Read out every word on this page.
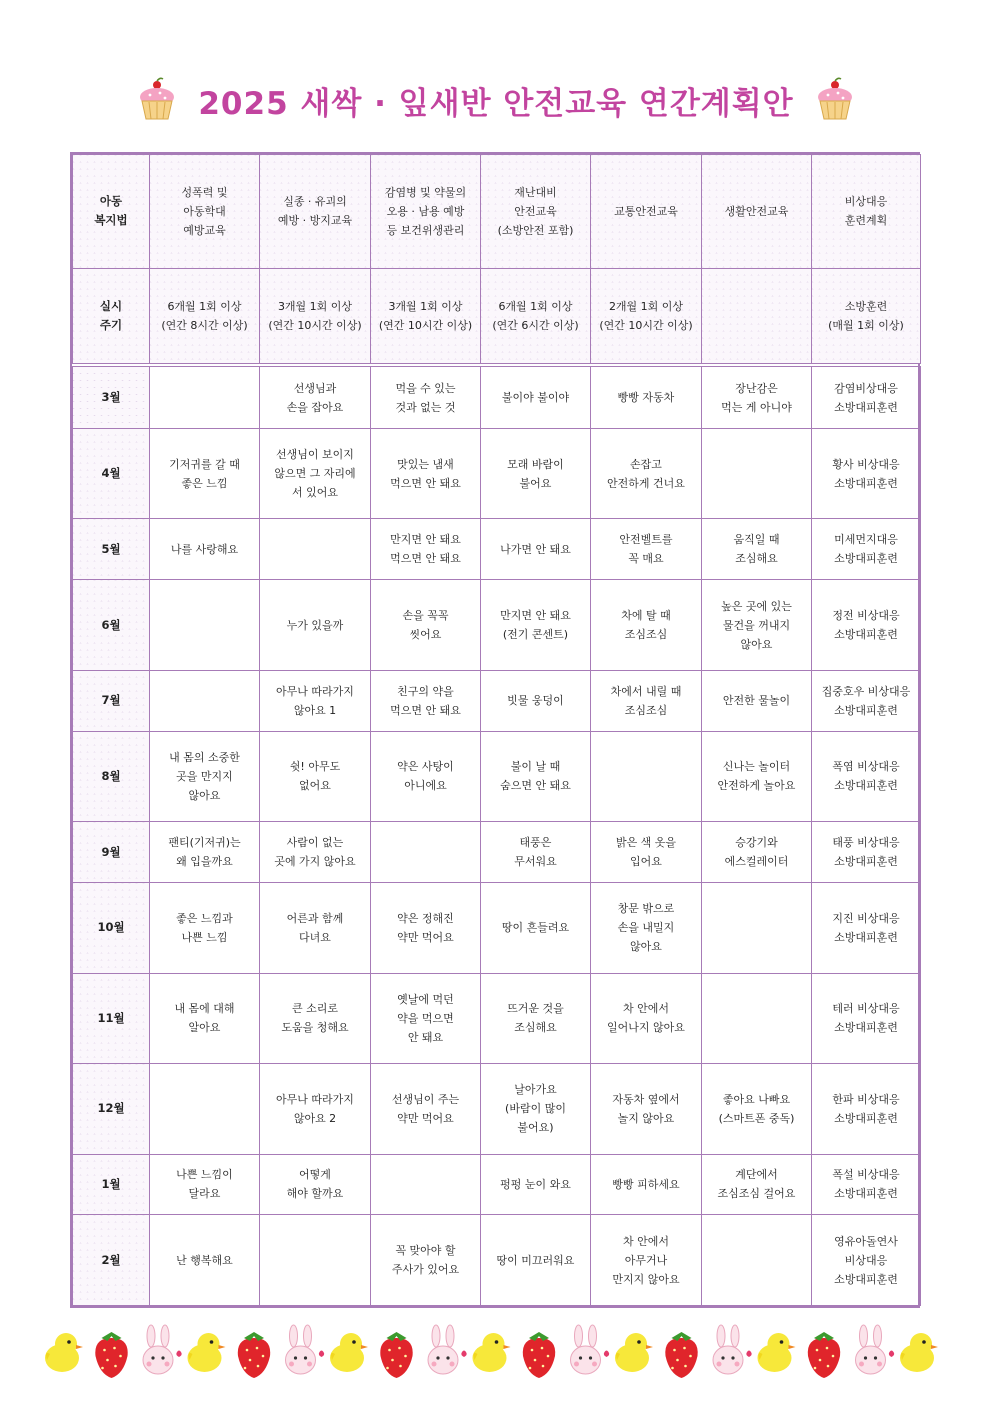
2025 새싹 · 잎새반 안전교육 연간계획안
아동
복지법	성폭력 및
아동학대
예방교육	실종 · 유괴의
예방 · 방지교육	감염병 및 약물의
오용 · 남용 예방
등 보건위생관리	재난대비
안전교육
(소방안전 포함)	교통안전교육	생활안전교육	비상대응
훈련계획
실시
주기	6개월 1회 이상
(연간 8시간 이상)	3개월 1회 이상
(연간 10시간 이상)	3개월 1회 이상
(연간 10시간 이상)	6개월 1회 이상
(연간 6시간 이상)	2개월 1회 이상
(연간 10시간 이상)		소방훈련
(매월 1회 이상)
3월		선생님과
손을 잡아요	먹을 수 있는
것과 없는 것	불이야 불이야	빵빵 자동차	장난감은
먹는 게 아니야	감염비상대응
소방대피훈련
4월	기저귀를 갈 때
좋은 느낌	선생님이 보이지
않으면 그 자리에
서 있어요	맛있는 냄새
먹으면 안 돼요	모래 바람이
불어요	손잡고
안전하게 건너요		황사 비상대응
소방대피훈련
5월	나를 사랑해요		만지면 안 돼요
먹으면 안 돼요	나가면 안 돼요	안전벨트를
꼭 매요	움직일 때
조심해요	미세먼지대응
소방대피훈련
6월		누가 있을까	손을 꼭꼭
씻어요	만지면 안 돼요
(전기 콘센트)	차에 탈 때
조심조심	높은 곳에 있는
물건을 꺼내지
않아요	정전 비상대응
소방대피훈련
7월		아무나 따라가지
않아요 1	친구의 약을
먹으면 안 돼요	빗물 웅덩이	차에서 내릴 때
조심조심	안전한 물놀이	집중호우 비상대응
소방대피훈련
8월	내 몸의 소중한
곳을 만지지
않아요	쉿! 아무도
없어요	약은 사탕이
아니에요	불이 날 때
숨으면 안 돼요		신나는 놀이터
안전하게 놀아요	폭염 비상대응
소방대피훈련
9월	팬티(기저귀)는
왜 입을까요	사람이 없는
곳에 가지 않아요		태풍은
무서워요	밝은 색 옷을
입어요	승강기와
에스컬레이터	태풍 비상대응
소방대피훈련
10월	좋은 느낌과
나쁜 느낌	어른과 함께
다녀요	약은 정해진
약만 먹어요	땅이 흔들려요	창문 밖으로
손을 내밀지
않아요		지진 비상대응
소방대피훈련
11월	내 몸에 대해
알아요	큰 소리로
도움을 청해요	옛날에 먹던
약을 먹으면
안 돼요	뜨거운 것을
조심해요	차 안에서
일어나지 않아요		테러 비상대응
소방대피훈련
12월		아무나 따라가지
않아요 2	선생님이 주는
약만 먹어요	날아가요
(바람이 많이
불어요)	자동차 옆에서
놀지 않아요	좋아요 나빠요
(스마트폰 중독)	한파 비상대응
소방대피훈련
1월	나쁜 느낌이
달라요	어떻게
해야 할까요		펑펑 눈이 와요	빵빵 피하세요	계단에서
조심조심 걸어요	폭설 비상대응
소방대피훈련
2월	난 행복해요		꼭 맞아야 할
주사가 있어요	땅이 미끄러워요	차 안에서
아무거나
만지지 않아요		영유아돌연사
비상대응
소방대피훈련
